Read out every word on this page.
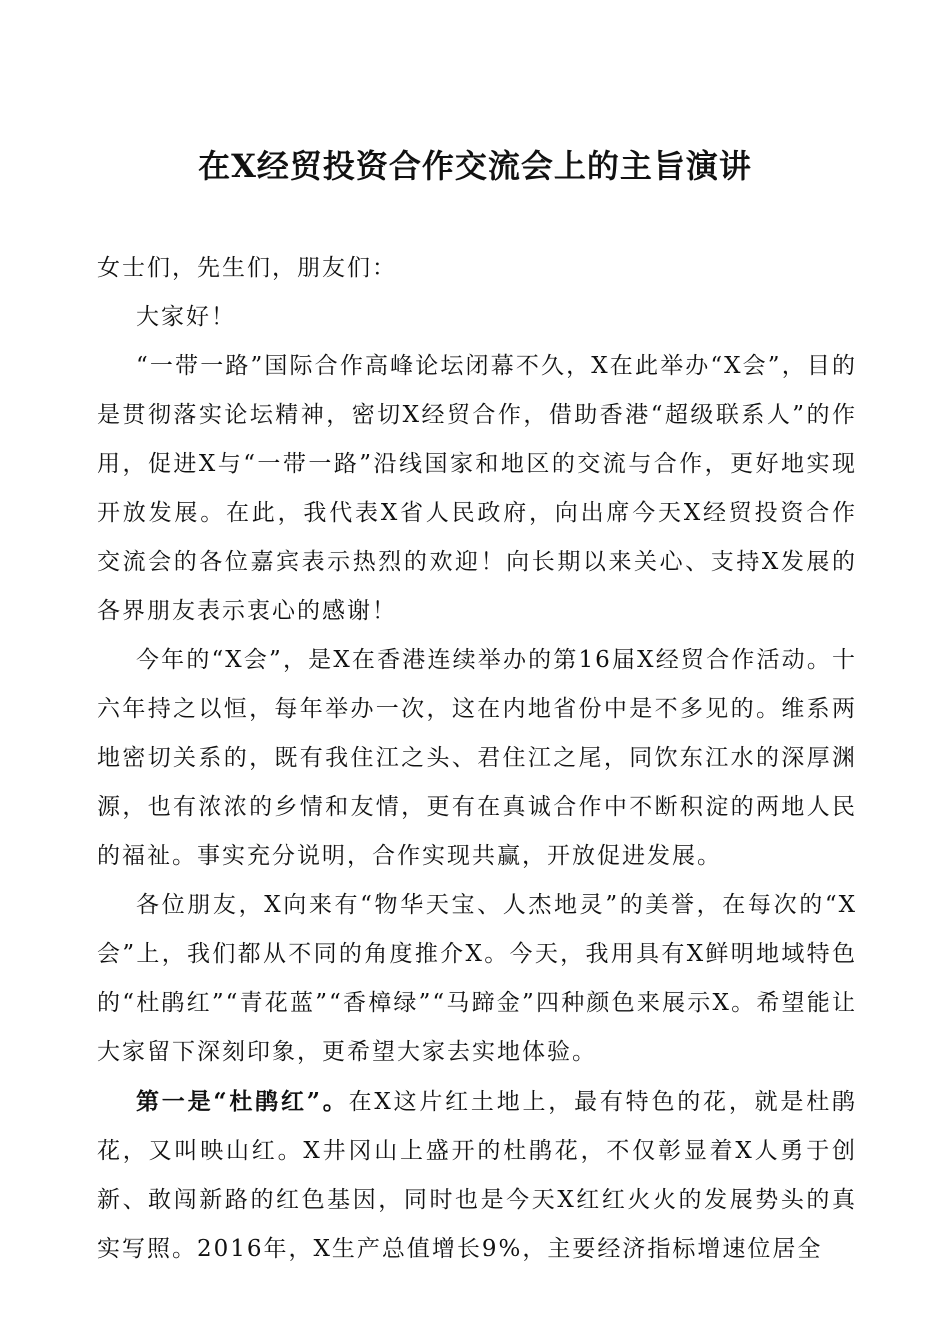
在X经贸投资合作交流会上的主旨演讲

女士们，先生们，朋友们：

大家好！

“一带一路”国际合作高峰论坛闭幕不久，X在此举办“X会”，目的是贯彻落实论坛精神，密切X经贸合作，借助香港“超级联系人”的作用，促进X与“一带一路”沿线国家和地区的交流与合作，更好地实现开放发展。在此，我代表X省人民政府，向出席今天X经贸投资合作交流会的各位嘉宾表示热烈的欢迎！向长期以来关心、支持X发展的各界朋友表示衷心的感谢！

今年的“X会”，是X在香港连续举办的第16届X经贸合作活动。十六年持之以恒，每年举办一次，这在内地省份中是不多见的。维系两地密切关系的，既有我住江之头、君住江之尾，同饮东江水的深厚渊源，也有浓浓的乡情和友情，更有在真诚合作中不断积淀的两地人民的福祉。事实充分说明，合作实现共赢，开放促进发展。

各位朋友，X向来有“物华天宝、人杰地灵”的美誉，在每次的“X会”上，我们都从不同的角度推介X。今天，我用具有X鲜明地域特色的“杜鹃红”“青花蓝”“香樟绿”“马蹄金”四种颜色来展示X。希望能让大家留下深刻印象，更希望大家去实地体验。

第一是“杜鹃红”。在X这片红土地上，最有特色的花，就是杜鹃花，又叫映山红。X井冈山上盛开的杜鹃花，不仅彰显着X人勇于创新、敢闯新路的红色基因，同时也是今天X红红火火的发展势头的真实写照。2016年，X生产总值增长9%，主要经济指标增速位居全
